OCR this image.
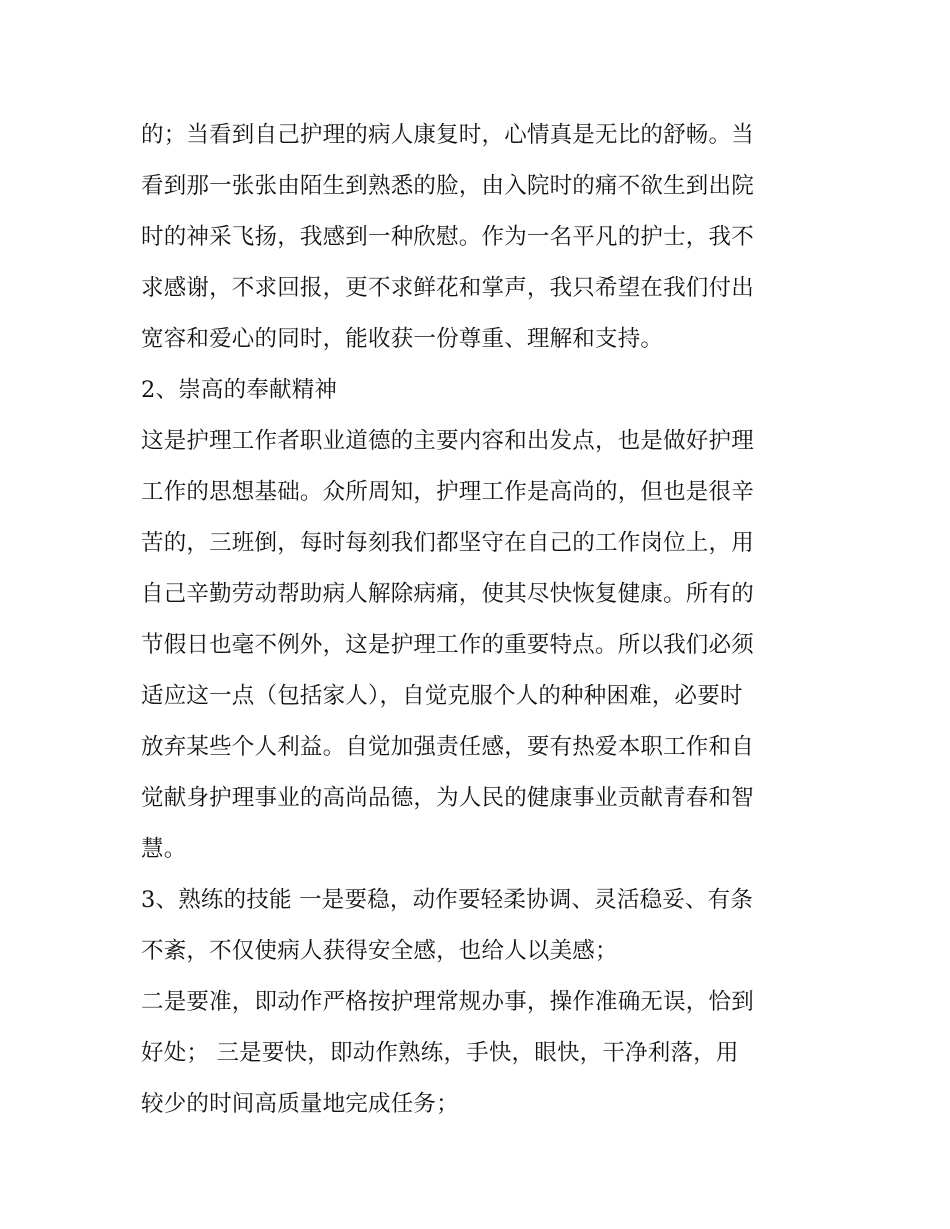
的；当看到自己护理的病人康复时，心情真是无比的舒畅。当
看到那一张张由陌生到熟悉的脸，由入院时的痛不欲生到出院
时的神采飞扬，我感到一种欣慰。作为一名平凡的护士，我不
求感谢，不求回报，更不求鲜花和掌声，我只希望在我们付出
宽容和爱心的同时，能收获一份尊重、理解和支持。
2、崇高的奉献精神
这是护理工作者职业道德的主要内容和出发点，也是做好护理
工作的思想基础。众所周知，护理工作是高尚的，但也是很辛
苦的，三班倒，每时每刻我们都坚守在自己的工作岗位上，用
自己辛勤劳动帮助病人解除病痛，使其尽快恢复健康。所有的
节假日也毫不例外，这是护理工作的重要特点。所以我们必须
适应这一点（包括家人），自觉克服个人的种种困难，必要时
放弃某些个人利益。自觉加强责任感，要有热爱本职工作和自
觉献身护理事业的高尚品德，为人民的健康事业贡献青春和智
慧。
3、熟练的技能 一是要稳，动作要轻柔协调、灵活稳妥、有条
不紊，不仅使病人获得安全感，也给人以美感；
二是要准，即动作严格按护理常规办事，操作准确无误，恰到
好处； 三是要快，即动作熟练，手快，眼快，干净利落，用
较少的时间高质量地完成任务；
